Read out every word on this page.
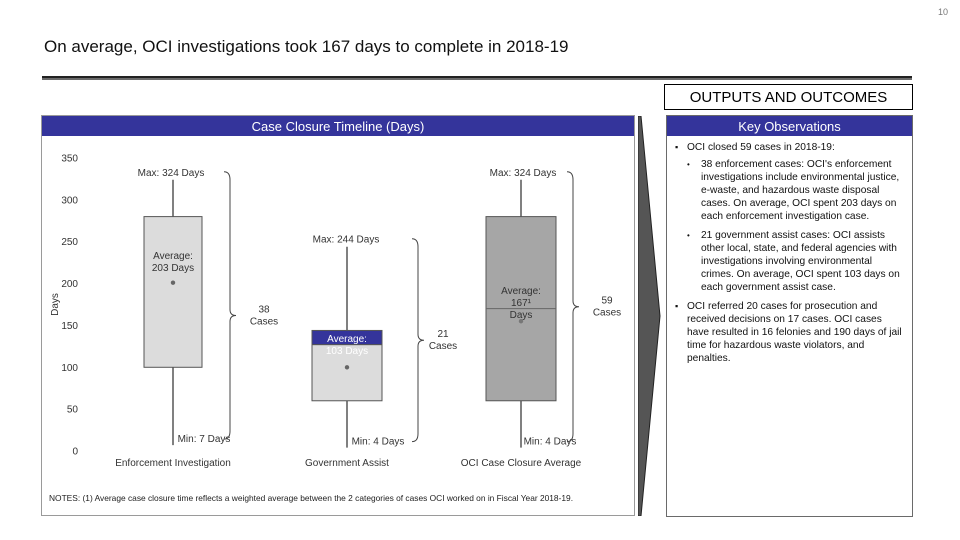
10
On average, OCI investigations took 167 days to complete in 2018-19
OUTPUTS AND OUTCOMES
0
50
100
150
200
250
300
350
Days
Average:
203 Days
Max: 324 Days
Min: 7 Days
38
Cases
Enforcement Investigation
Average:
103 Days
Max: 244 Days
Min: 4 Days
21
Cases
Government Assist
Average:
167¹
Days
Max: 324 Days
Min: 4 Days
59
Cases
OCI Case Closure Average
Case Closure Timeline (Days)
NOTES: (1) Average case closure time reflects a weighted average between the 2 categories of cases OCI worked on in Fiscal Year 2018-19.
Key Observations
▪ OCI closed 59 cases in 2018-19:
•	38 enforcement cases: OCI's enforcement investigations include environmental justice, e-waste, and hazardous waste disposal cases. On average, OCI spent 203 days on each enforcement investigation case.
•	21 government assist cases: OCI assists other local, state, and federal agencies with investigations involving environmental crimes. On average, OCI spent 103 days on each government assist case.
▪ OCI referred 20 cases for prosecution and received decisions on 17 cases. OCI cases have resulted in 16 felonies and 190 days of jail time for hazardous waste violators, and penalties.
